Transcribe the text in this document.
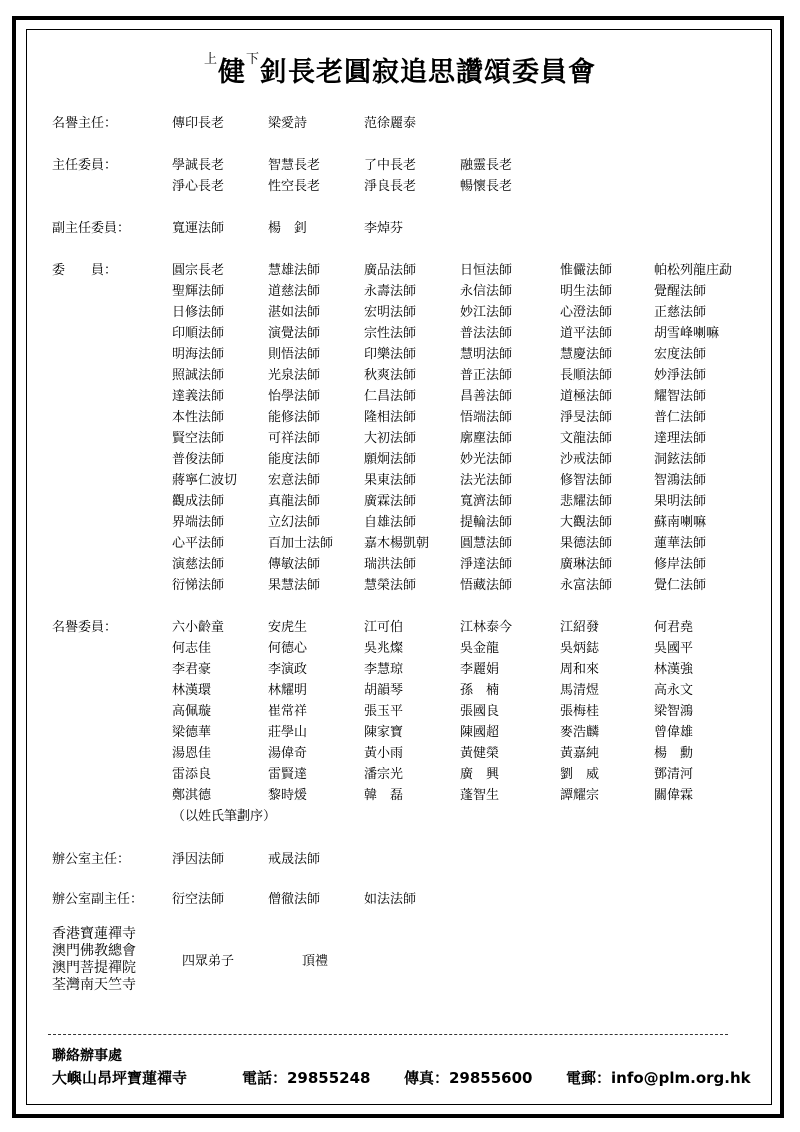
$^上$健$^下$釗長老圓寂追思讚頌委員會
名譽主任：	傳印長老	梁愛詩	范徐麗泰
主任委員：	學誠長老	智慧長老	了中長老	融靈長老
淨心長老	性空長老	淨良長老	暢懷長老
副主任委員：	寬運法師	楊　釗	李焯芬
委　　員：	圓宗長老	慧雄法師	廣品法師	日恒法師	惟儼法師	帕松列龍庄勐
聖輝法師	道慈法師	永壽法師	永信法師	明生法師	覺醒法師
日修法師	湛如法師	宏明法師	妙江法師	心澄法師	正慈法師
印順法師	演覺法師	宗性法師	普法法師	道平法師	胡雪峰喇嘛
明海法師	則悟法師	印樂法師	慧明法師	慧慶法師	宏度法師
照誠法師	光泉法師	秋爽法師	普正法師	長順法師	妙淨法師
達義法師	怡學法師	仁昌法師	昌善法師	道極法師	耀智法師
本性法師	能修法師	隆相法師	悟端法師	淨旻法師	普仁法師
賢空法師	可祥法師	大初法師	廓塵法師	文龍法師	達理法師
普俊法師	能度法師	願炯法師	妙光法師	沙戒法師	洞鉉法師
蔣寧仁波切 宏意法師	果東法師	法光法師	修智法師	智鴻法師
觀成法師	真龍法師	廣霖法師	寬濟法師	悲耀法師	果明法師
界端法師	立幻法師	自雄法師	提輪法師	大觀法師	蘇南喇嘛
心平法師	百加士法師 嘉木楊凱朝 圓慧法師	果德法師	蓮華法師
演慈法師	傳敏法師	瑞洪法師	淨達法師	廣琳法師	修岸法師
衍悌法師	果慧法師	慧榮法師	悟藏法師	永富法師	覺仁法師
名譽委員：	六小齡童	安虎生	江可伯	江林泰今	江紹發	何君堯
何志佳	何德心	吳兆燦	吳金龍	吳炳鋕	吳國平
李君豪	李演政	李慧琼	李麗娟	周和來	林漢強
林漢環	林耀明	胡韻琴	孫　楠	馬清煜	高永文
高佩璇	崔常祥	張玉平	張國良	張梅桂	梁智鴻
梁德華	莊學山	陳家寶	陳國超	麥浩麟	曾偉雄
湯恩佳	湯偉奇	黃小雨	黃健榮	黃嘉純	楊　勳
雷添良	雷賢達	潘宗光	廣　興	劉　威	鄧清河
鄭淇德	黎時煖	韓　磊	蓬智生	譚耀宗	關偉霖
（以姓氏筆劃序）
辦公室主任：	淨因法師	戒晟法師
辦公室副主任： 衍空法師	僧徹法師	如法法師
香港寶蓮禪寺
澳門佛教總會
澳門菩提禪院
荃灣南天竺寺
四眾弟子	頂禮
聯絡辦事處
大嶼山昂坪寶蓮禪寺	電話：29855248 傳真：29855600 電郵：info@plm.org.hk
